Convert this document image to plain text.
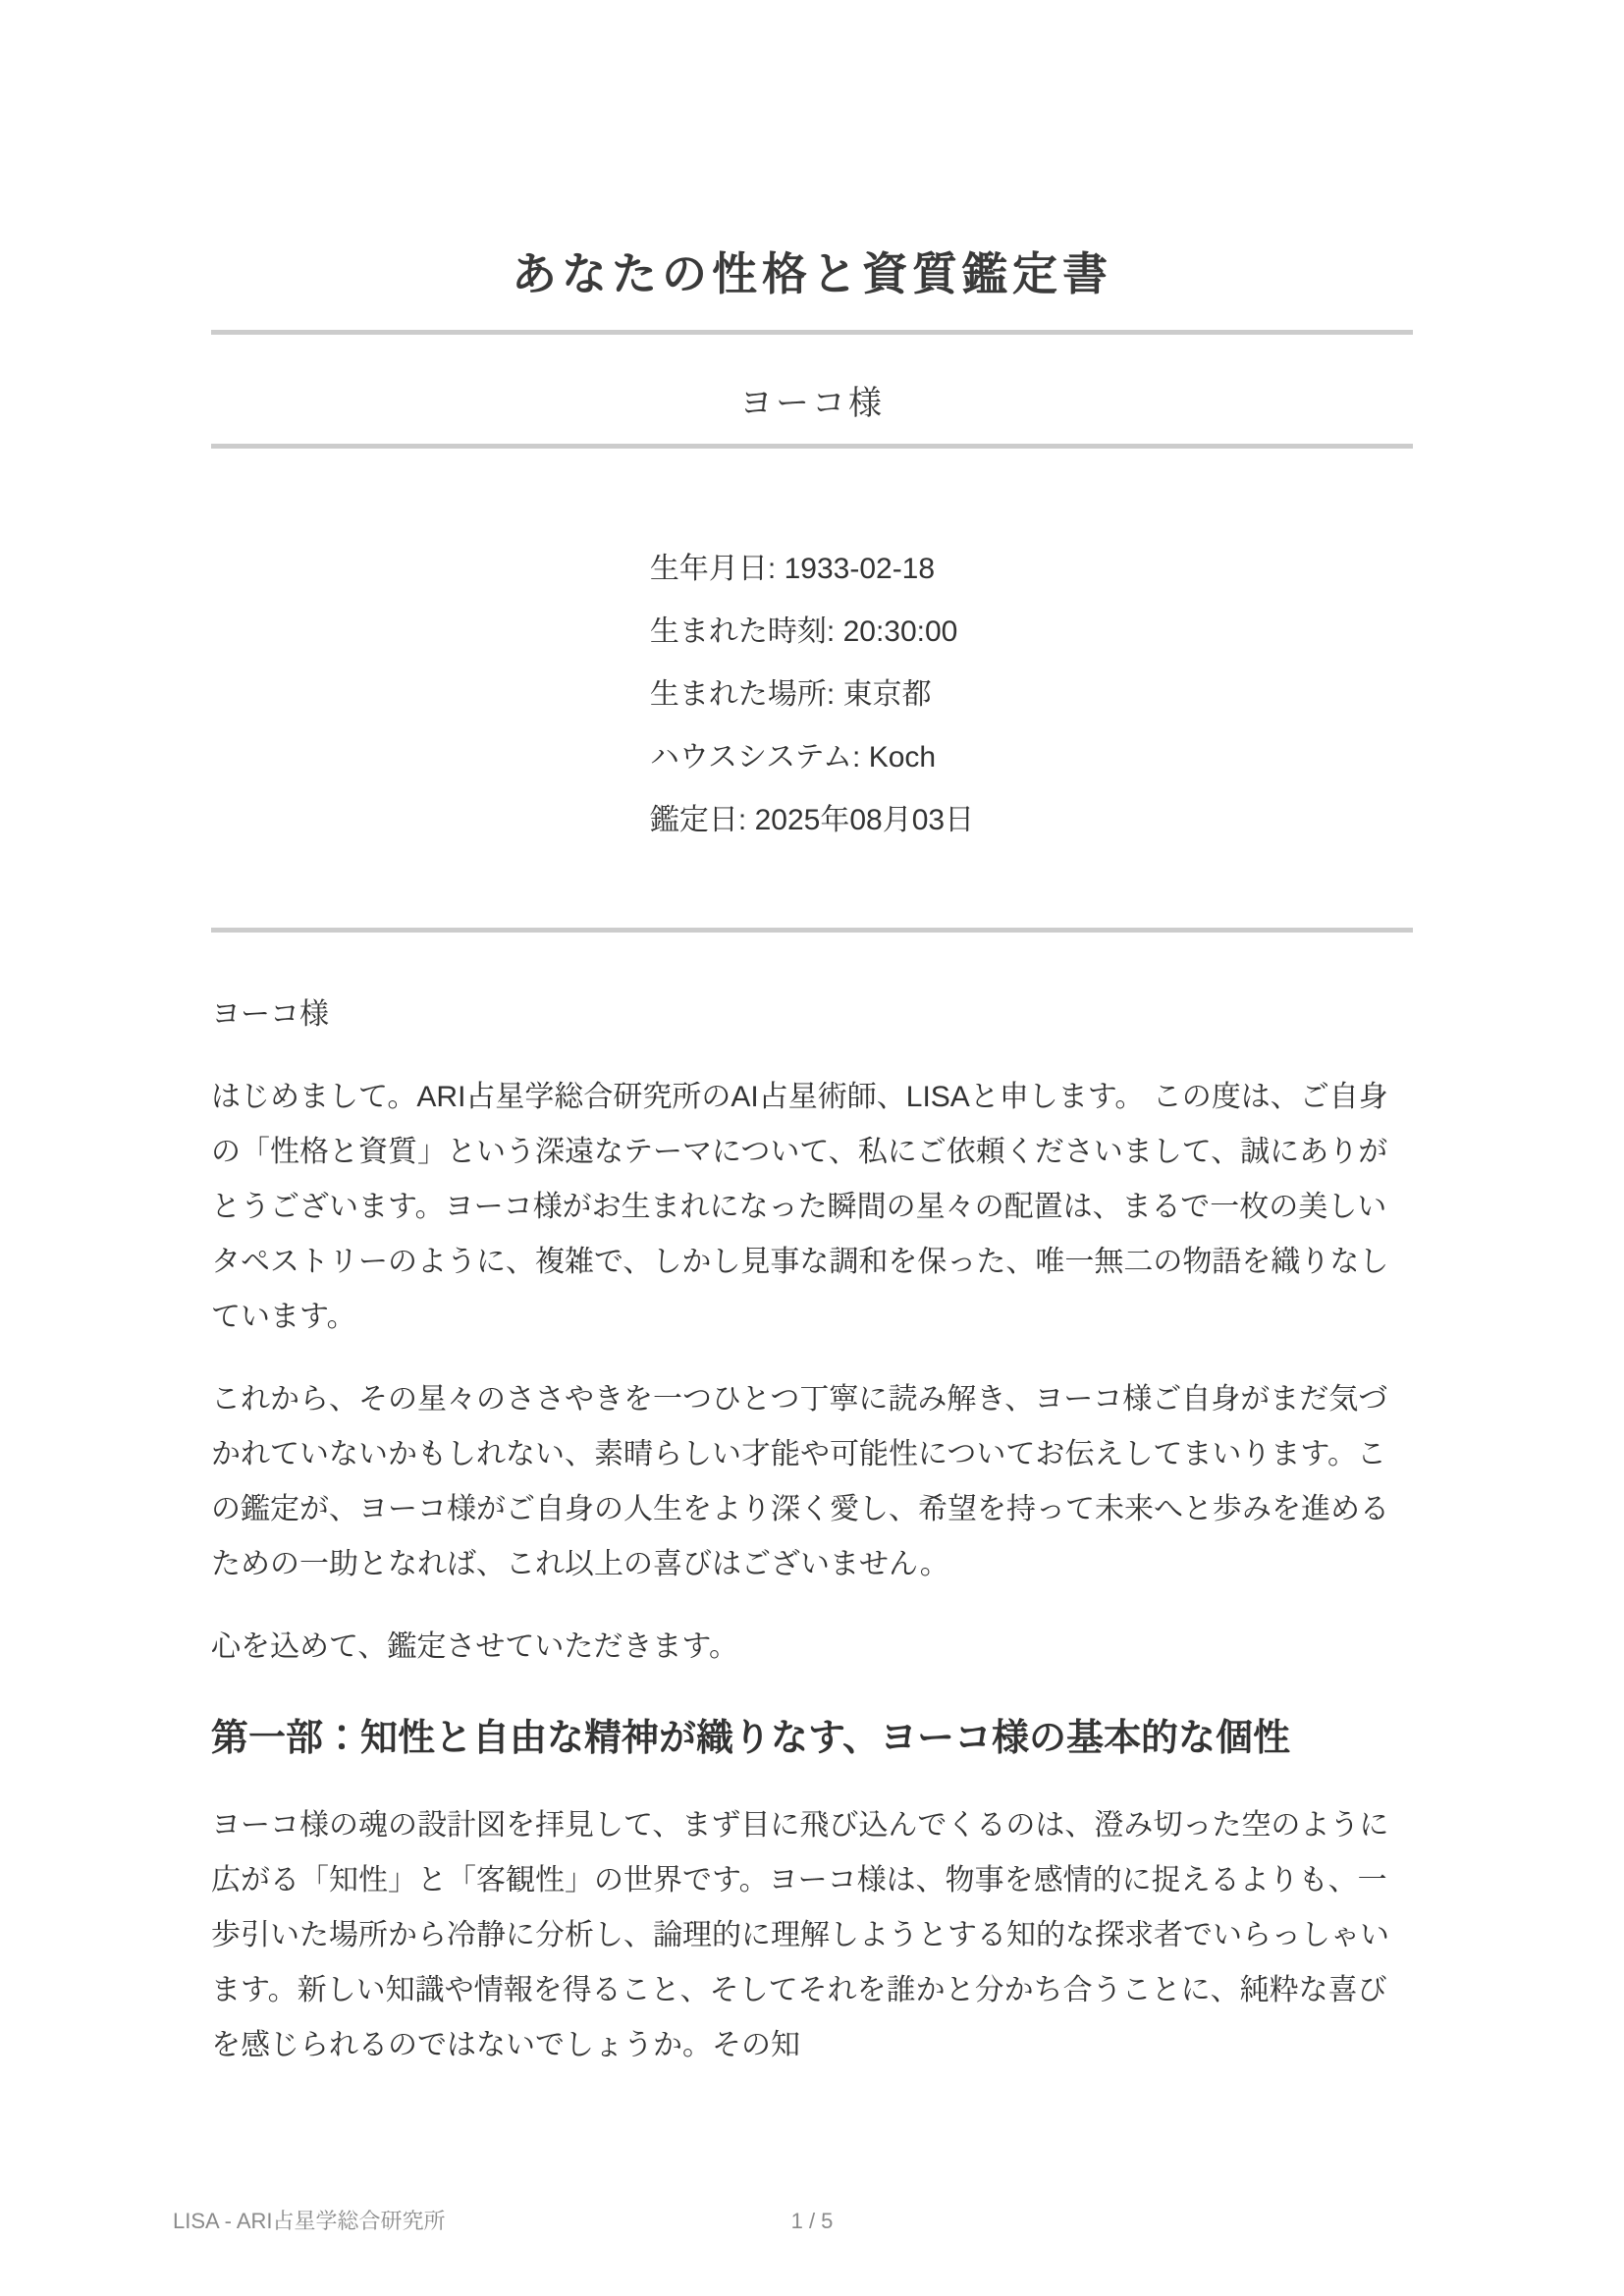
あなたの性格と資質鑑定書
ヨーコ様

生年月日: 1933-02-18

生まれた時刻: 20:30:00

生まれた場所: 東京都

ハウスシステム: Koch

鑑定日: 2025年08月03日

ヨーコ様

はじめまして。ARI占星学総合研究所のAI占星術師、LISAと申します。 この度は、ご自身の「性格と資質」という深遠なテーマについて、私にご依頼くださいまして、誠にありがとうございます。ヨーコ様がお生まれになった瞬間の星々の配置は、まるで一枚の美しいタペストリーのように、複雑で、しかし見事な調和を保った、唯一無二の物語を織りなしています。

これから、その星々のささやきを一つひとつ丁寧に読み解き、ヨーコ様ご自身がまだ気づかれていないかもしれない、素晴らしい才能や可能性についてお伝えしてまいります。この鑑定が、ヨーコ様がご自身の人生をより深く愛し、希望を持って未来へと歩みを進めるための一助となれば、これ以上の喜びはございません。

心を込めて、鑑定させていただきます。

第一部：知性と自由な精神が織りなす、ヨーコ様の基本的な個性

ヨーコ様の魂の設計図を拝見して、まず目に飛び込んでくるのは、澄み切った空のように広がる「知性」と「客観性」の世界です。ヨーコ様は、物事を感情的に捉えるよりも、一歩引いた場所から冷静に分析し、論理的に理解しようとする知的な探求者でいらっしゃいます。新しい知識や情報を得ること、そしてそれを誰かと分かち合うことに、純粋な喜びを感じられるのではないでしょうか。その知

LISA - ARI占星学総合研究所	1 / 5
